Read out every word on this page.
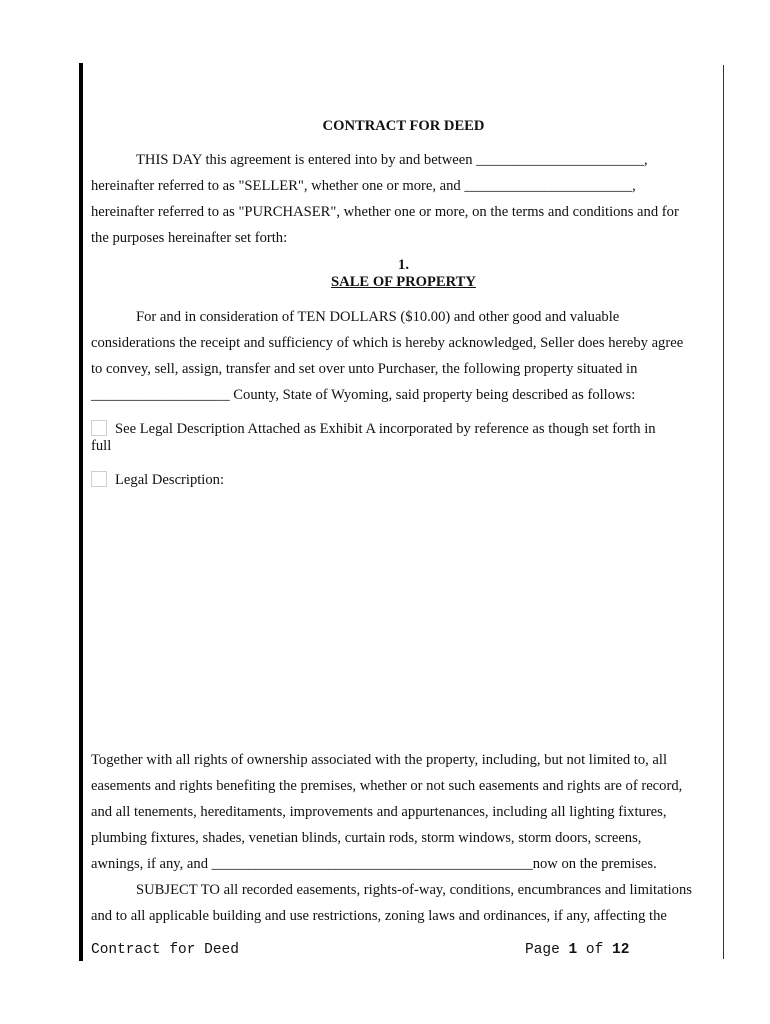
CONTRACT FOR DEED
THIS DAY this agreement is entered into by and between _______________________,
hereinafter referred to as "SELLER", whether one or more, and _______________________,
hereinafter referred to as "PURCHASER", whether one or more, on the terms and conditions and for
the purposes hereinafter set forth:
1.
SALE OF PROPERTY
For and in consideration of TEN DOLLARS ($10.00) and other good and valuable
considerations the receipt and sufficiency of which is hereby acknowledged, Seller does hereby agree
to convey, sell, assign, transfer and set over unto Purchaser, the following property situated in
___________________ County, State of Wyoming, said property being described as follows:
See Legal Description Attached as Exhibit A incorporated by reference as though set forth in
full
Legal Description:
Together with all rights of ownership associated with the property, including, but not limited to, all
easements and rights benefiting the premises, whether or not such easements and rights are of record,
and all tenements, hereditaments, improvements and appurtenances, including all lighting fixtures,
plumbing fixtures, shades, venetian blinds, curtain rods, storm windows, storm doors, screens,
awnings, if any, and ____________________________________________now on the premises.
SUBJECT TO all recorded easements, rights-of-way, conditions, encumbrances and limitations
and to all applicable building and use restrictions, zoning laws and ordinances, if any, affecting the
Contract for Deed	Page 1 of 12
